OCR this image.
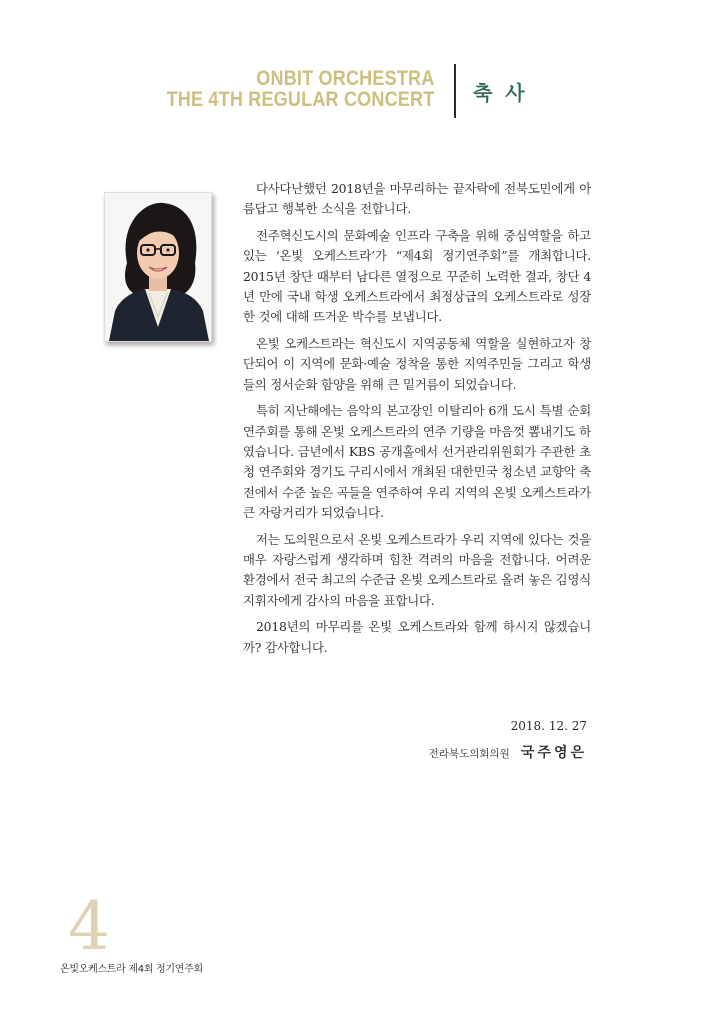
ONBIT ORCHESTRA
THE 4TH REGULAR CONCERT 축 사

다사다난했던 2018년을 마무리하는 끝자락에 전북도민에게 아름답고 행복한 소식을 전합니다.

전주혁신도시의 문화예술 인프라 구축을 위해 중심역할을 하고 있는 ‘온빛 오케스트라’가 “제4회 정기연주회”를 개최합니다. 2015년 창단 때부터 남다른 열정으로 꾸준히 노력한 결과, 창단 4년 만에 국내 학생 오케스트라에서 최정상급의 오케스트라로 성장한 것에 대해 뜨거운 박수를 보냅니다.

온빛 오케스트라는 혁신도시 지역공동체 역할을 실현하고자 창단되어 이 지역에 문화·예술 정착을 통한 지역주민들 그리고 학생들의 정서순화 함양을 위해 큰 밑거름이 되었습니다.

특히 지난해에는 음악의 본고장인 이탈리아 6개 도시 특별 순회 연주회를 통해 온빛 오케스트라의 연주 기량을 마음껏 뽐내기도 하였습니다. 금년에서 KBS 공개홀에서 선거관리위원회가 주관한 초청 연주회와 경기도 구리시에서 개최된 대한민국 청소년 교향악 축전에서 수준 높은 곡들을 연주하여 우리 지역의 온빛 오케스트라가 큰 자랑거리가 되었습니다.

저는 도의원으로서 온빛 오케스트라가 우리 지역에 있다는 것을 매우 자랑스럽게 생각하며 힘찬 격려의 마음을 전합니다. 어려운 환경에서 전국 최고의 수준급 온빛 오케스트라로 올려 놓은 김영식 지휘자에게 감사의 마음을 표합니다.

2018년의 마무리를 온빛 오케스트라와 함께 하시지 않겠습니까? 감사합니다.

2018. 12. 27
전라북도의회의원 국주영은
4
온빛오케스트라 제4회 정기연주회
